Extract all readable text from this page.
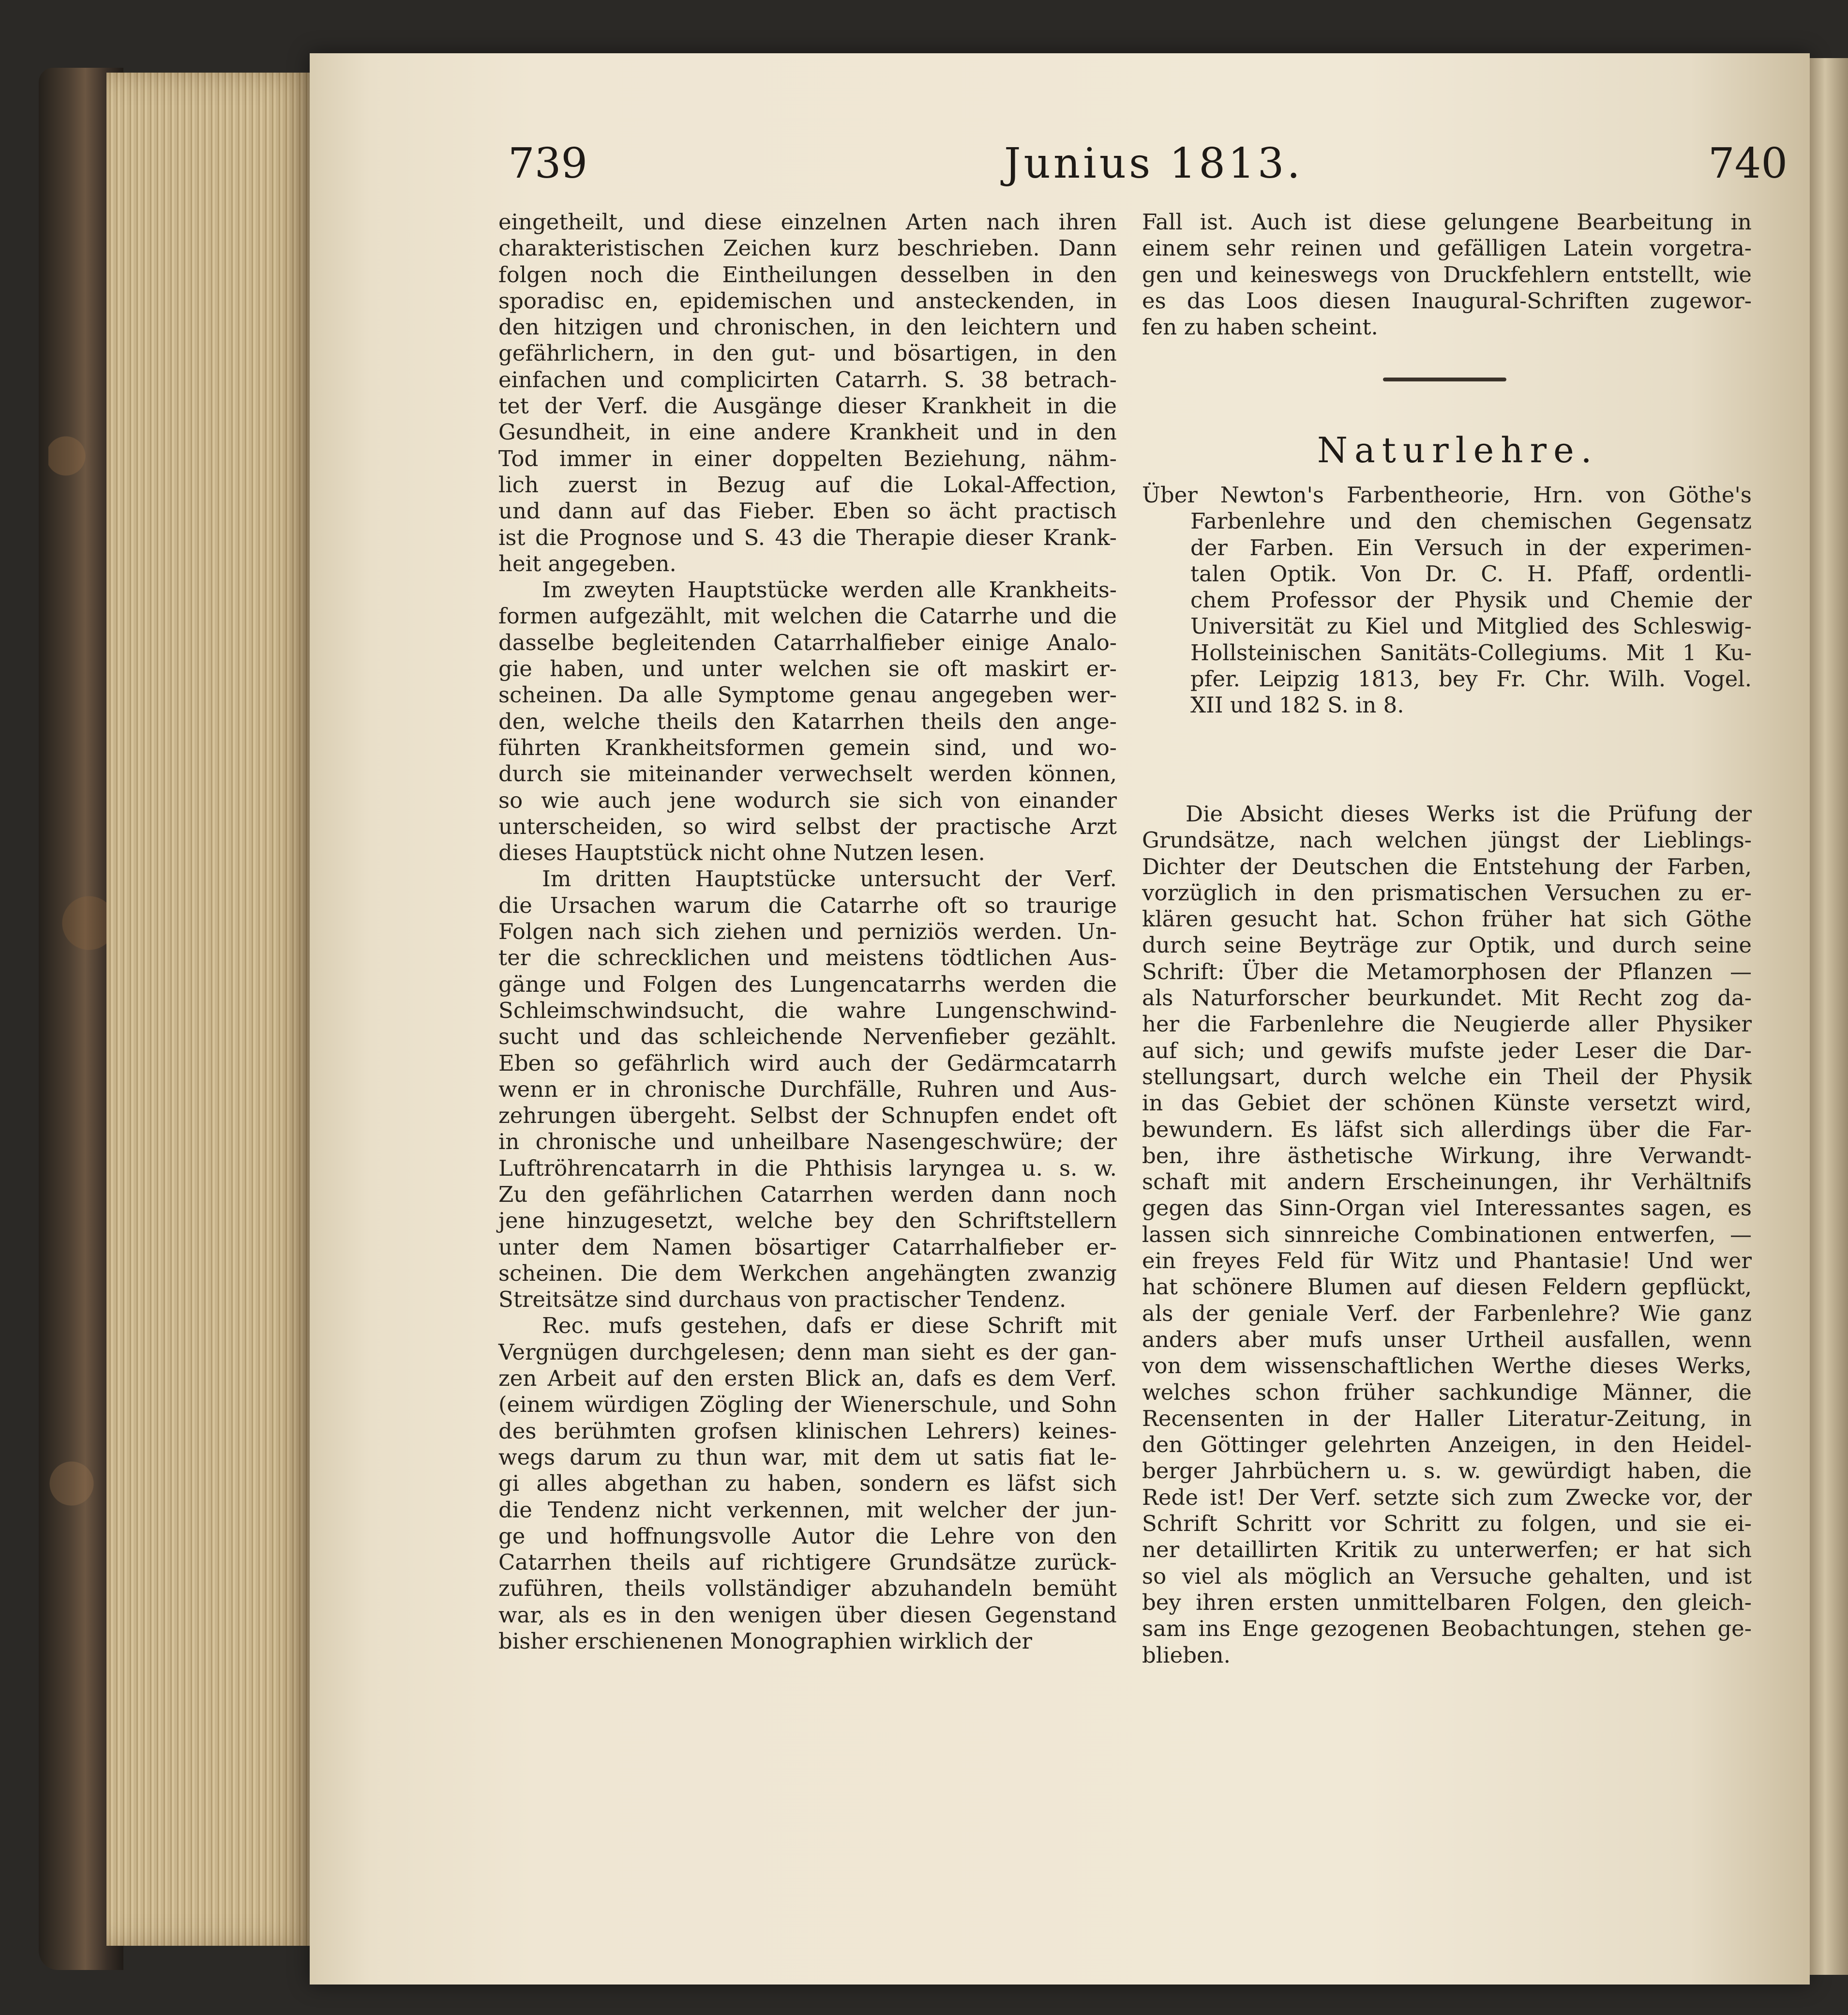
739	Junius 1813.	740

eingetheilt, und diese einzelnen Arten nach ihren

charakteristischen Zeichen kurz beschrieben. Dann

folgen noch die Eintheilungen desselben in den

sporadisc en, epidemischen und ansteckenden, in

den hitzigen und chronischen, in den leichtern und

gefährlichern, in den gut- und bösartigen, in den

einfachen und complicirten Catarrh. S. 38 betrach-

tet der Verf. die Ausgänge dieser Krankheit in die

Gesundheit, in eine andere Krankheit und in den

Tod immer in einer doppelten Beziehung, nähm-

lich zuerst in Bezug auf die Lokal-Affection,

und dann auf das Fieber. Eben so ächt practisch

ist die Prognose und S. 43 die Therapie dieser Krank-

heit angegeben.

Im zweyten Hauptstücke werden alle Krankheits-

formen aufgezählt, mit welchen die Catarrhe und die

dasselbe begleitenden Catarrhalfieber einige Analo-

gie haben, und unter welchen sie oft maskirt er-

scheinen. Da alle Symptome genau angegeben wer-

den, welche theils den Katarrhen theils den ange-

führten Krankheitsformen gemein sind, und wo-

durch sie miteinander verwechselt werden können,

so wie auch jene wodurch sie sich von einander

unterscheiden, so wird selbst der practische Arzt

dieses Hauptstück nicht ohne Nutzen lesen.

Im dritten Hauptstücke untersucht der Verf.

die Ursachen warum die Catarrhe oft so traurige

Folgen nach sich ziehen und perniziös werden. Un-

ter die schrecklichen und meistens tödtlichen Aus-

gänge und Folgen des Lungencatarrhs werden die

Schleimschwindsucht, die wahre Lungenschwind-

sucht und das schleichende Nervenfieber gezählt.

Eben so gefährlich wird auch der Gedärmcatarrh

wenn er in chronische Durchfälle, Ruhren und Aus-

zehrungen übergeht. Selbst der Schnupfen endet oft

in chronische und unheilbare Nasengeschwüre; der

Luftröhrencatarrh in die Phthisis laryngea u. s. w.

Zu den gefährlichen Catarrhen werden dann noch

jene hinzugesetzt, welche bey den Schriftstellern

unter dem Namen bösartiger Catarrhalfieber er-

scheinen. Die dem Werkchen angehängten zwanzig

Streitsätze sind durchaus von practischer Tendenz.

Rec. mufs gestehen, dafs er diese Schrift mit

Vergnügen durchgelesen; denn man sieht es der gan-

zen Arbeit auf den ersten Blick an, dafs es dem Verf.

(einem würdigen Zögling der Wienerschule, und Sohn

des berühmten grofsen klinischen Lehrers) keines-

wegs darum zu thun war, mit dem ut satis fiat le-

gi alles abgethan zu haben, sondern es läfst sich

die Tendenz nicht verkennen, mit welcher der jun-

ge und hoffnungsvolle Autor die Lehre von den

Catarrhen theils auf richtigere Grundsätze zurück-

zuführen, theils vollständiger abzuhandeln bemüht

war, als es in den wenigen über diesen Gegenstand

bisher erschienenen Monographien wirklich der

Fall ist. Auch ist diese gelungene Bearbeitung in

einem sehr reinen und gefälligen Latein vorgetra-

gen und keineswegs von Druckfehlern entstellt, wie

es das Loos diesen Inaugural-Schriften zugewor-

fen zu haben scheint.

Naturlehre.

Über Newton's Farbentheorie, Hrn. von Göthe's

Farbenlehre und den chemischen Gegensatz

der Farben. Ein Versuch in der experimen-

talen Optik. Von Dr. C. H. Pfaff, ordentli-

chem Professor der Physik und Chemie der

Universität zu Kiel und Mitglied des Schleswig-

Hollsteinischen Sanitäts-Collegiums. Mit 1 Ku-

pfer. Leipzig 1813, bey Fr. Chr. Wilh. Vogel.

XII und 182 S. in 8.

Die Absicht dieses Werks ist die Prüfung der

Grundsätze, nach welchen jüngst der Lieblings-

Dichter der Deutschen die Entstehung der Farben,

vorzüglich in den prismatischen Versuchen zu er-

klären gesucht hat. Schon früher hat sich Göthe

durch seine Beyträge zur Optik, und durch seine

Schrift: Über die Metamorphosen der Pflanzen —

als Naturforscher beurkundet. Mit Recht zog da-

her die Farbenlehre die Neugierde aller Physiker

auf sich; und gewifs mufste jeder Leser die Dar-

stellungsart, durch welche ein Theil der Physik

in das Gebiet der schönen Künste versetzt wird,

bewundern. Es läfst sich allerdings über die Far-

ben, ihre ästhetische Wirkung, ihre Verwandt-

schaft mit andern Erscheinungen, ihr Verhältnifs

gegen das Sinn-Organ viel Interessantes sagen, es

lassen sich sinnreiche Combinationen entwerfen, —

ein freyes Feld für Witz und Phantasie! Und wer

hat schönere Blumen auf diesen Feldern gepflückt,

als der geniale Verf. der Farbenlehre? Wie ganz

anders aber mufs unser Urtheil ausfallen, wenn

von dem wissenschaftlichen Werthe dieses Werks,

welches schon früher sachkundige Männer, die

Recensenten in der Haller Literatur-Zeitung, in

den Göttinger gelehrten Anzeigen, in den Heidel-

berger Jahrbüchern u. s. w. gewürdigt haben, die

Rede ist! Der Verf. setzte sich zum Zwecke vor, der

Schrift Schritt vor Schritt zu folgen, und sie ei-

ner detaillirten Kritik zu unterwerfen; er hat sich

so viel als möglich an Versuche gehalten, und ist

bey ihren ersten unmittelbaren Folgen, den gleich-

sam ins Enge gezogenen Beobachtungen, stehen ge-

blieben.
